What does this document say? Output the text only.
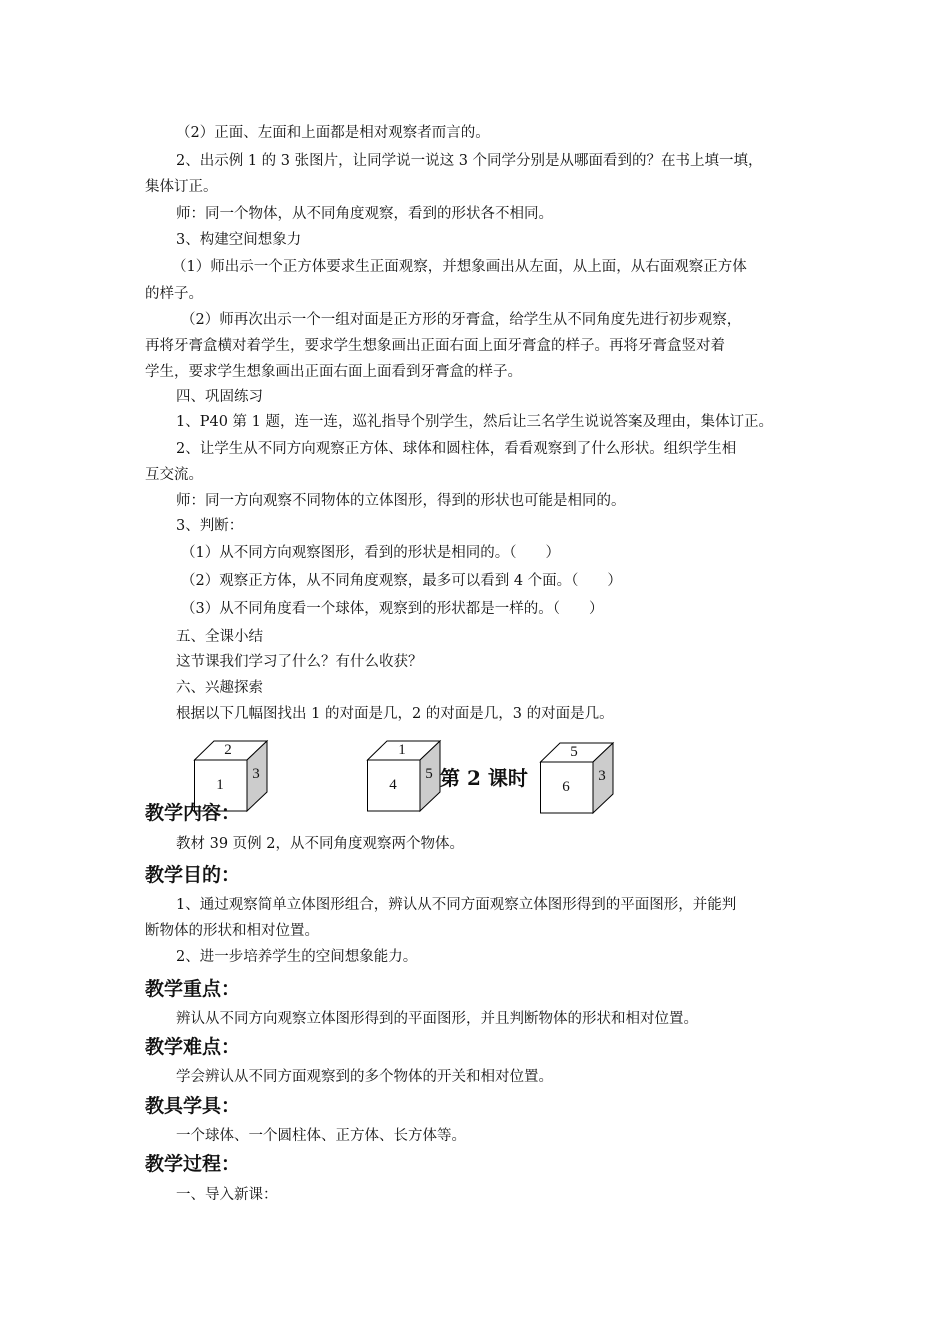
（2）正面、左面和上面都是相对观察者而言的。
2、出示例 1 的 3 张图片，让同学说一说这 3 个同学分别是从哪面看到的？在书上填一填，
集体订正。
师：同一个物体，从不同角度观察，看到的形状各不相同。
3、构建空间想象力
（1）师出示一个正方体要求生正面观察，并想象画出从左面，从上面，从右面观察正方体
的样子。
（2）师再次出示一个一组对面是正方形的牙膏盒，给学生从不同角度先进行初步观察，
再将牙膏盒横对着学生，要求学生想象画出正面右面上面牙膏盒的样子。再将牙膏盒竖对着
学生，要求学生想象画出正面右面上面看到牙膏盒的样子。
四、巩固练习
1、P40 第 1 题，连一连，巡礼指导个别学生，然后让三名学生说说答案及理由，集体订正。
2、让学生从不同方向观察正方体、球体和圆柱体，看看观察到了什么形状。组织学生相
互交流。
师：同一方向观察不同物体的立体图形，得到的形状也可能是相同的。
3、判断：
（1）从不同方向观察图形，看到的形状是相同的。（　　）
（2）观察正方体，从不同角度观察，最多可以看到 4 个面。（　　）
（3）从不同角度看一个球体，观察到的形状都是一样的。（　　）
五、全课小结
这节课我们学习了什么？有什么收获？
六、兴趣探索
根据以下几幅图找出 1 的对面是几，2 的对面是几，3 的对面是几。
第 2 课时
1
2
3
4
1
5
6
5
3
教学内容：
教材 39 页例 2，从不同角度观察两个物体。
教学目的：
1、通过观察简单立体图形组合，辨认从不同方面观察立体图形得到的平面图形，并能判
断物体的形状和相对位置。
2、进一步培养学生的空间想象能力。
教学重点：
辨认从不同方向观察立体图形得到的平面图形，并且判断物体的形状和相对位置。
教学难点：
学会辨认从不同方面观察到的多个物体的开关和相对位置。
教具学具：
一个球体、一个圆柱体、正方体、长方体等。
教学过程：
一、导入新课：
